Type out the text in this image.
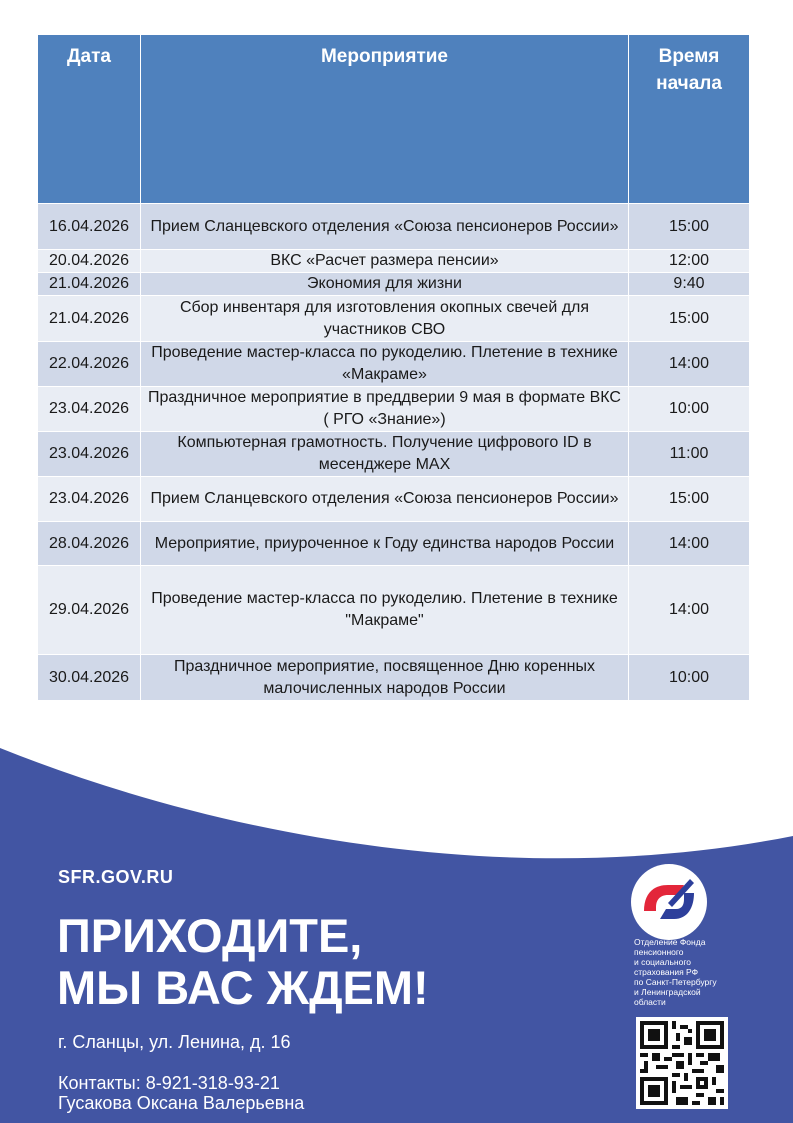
Дата	Мероприятие	Время начала
16.04.2026	Прием Сланцевского отделения «Союза пенсионеров России»	15:00
20.04.2026	ВКС «Расчет размера пенсии»	12:00
21.04.2026	Экономия для жизни	9:40
21.04.2026	Сбор инвентаря для изготовления окопных свечей для участников СВО	15:00
22.04.2026	Проведение мастер-класса по рукоделию. Плетение в технике «Макраме»	14:00
23.04.2026	Праздничное мероприятие в преддверии 9 мая в формате ВКС ( РГО «Знание»)	10:00
23.04.2026	Компьютерная грамотность. Получение цифрового ID в месенджере MAX	11:00
23.04.2026	Прием Сланцевского отделения «Союза пенсионеров России»	15:00
28.04.2026	Мероприятие, приуроченное к Году единства народов России	14:00
29.04.2026	Проведение мастер-класса по рукоделию. Плетение в технике "Макраме"	14:00
30.04.2026	Праздничное мероприятие, посвященное Дню коренных малочисленных народов России	10:00
SFR.GOV.RU
ПРИХОДИТЕ,
МЫ ВАС ЖДЕМ!
г. Сланцы, ул. Ленина, д. 16
Контакты: 8-921-318-93-21
Гусакова Оксана Валерьевна
Отделение Фонда
пенсионного
и социального
страхования РФ
по Санкт-Петербургу
и Ленинградской
области
